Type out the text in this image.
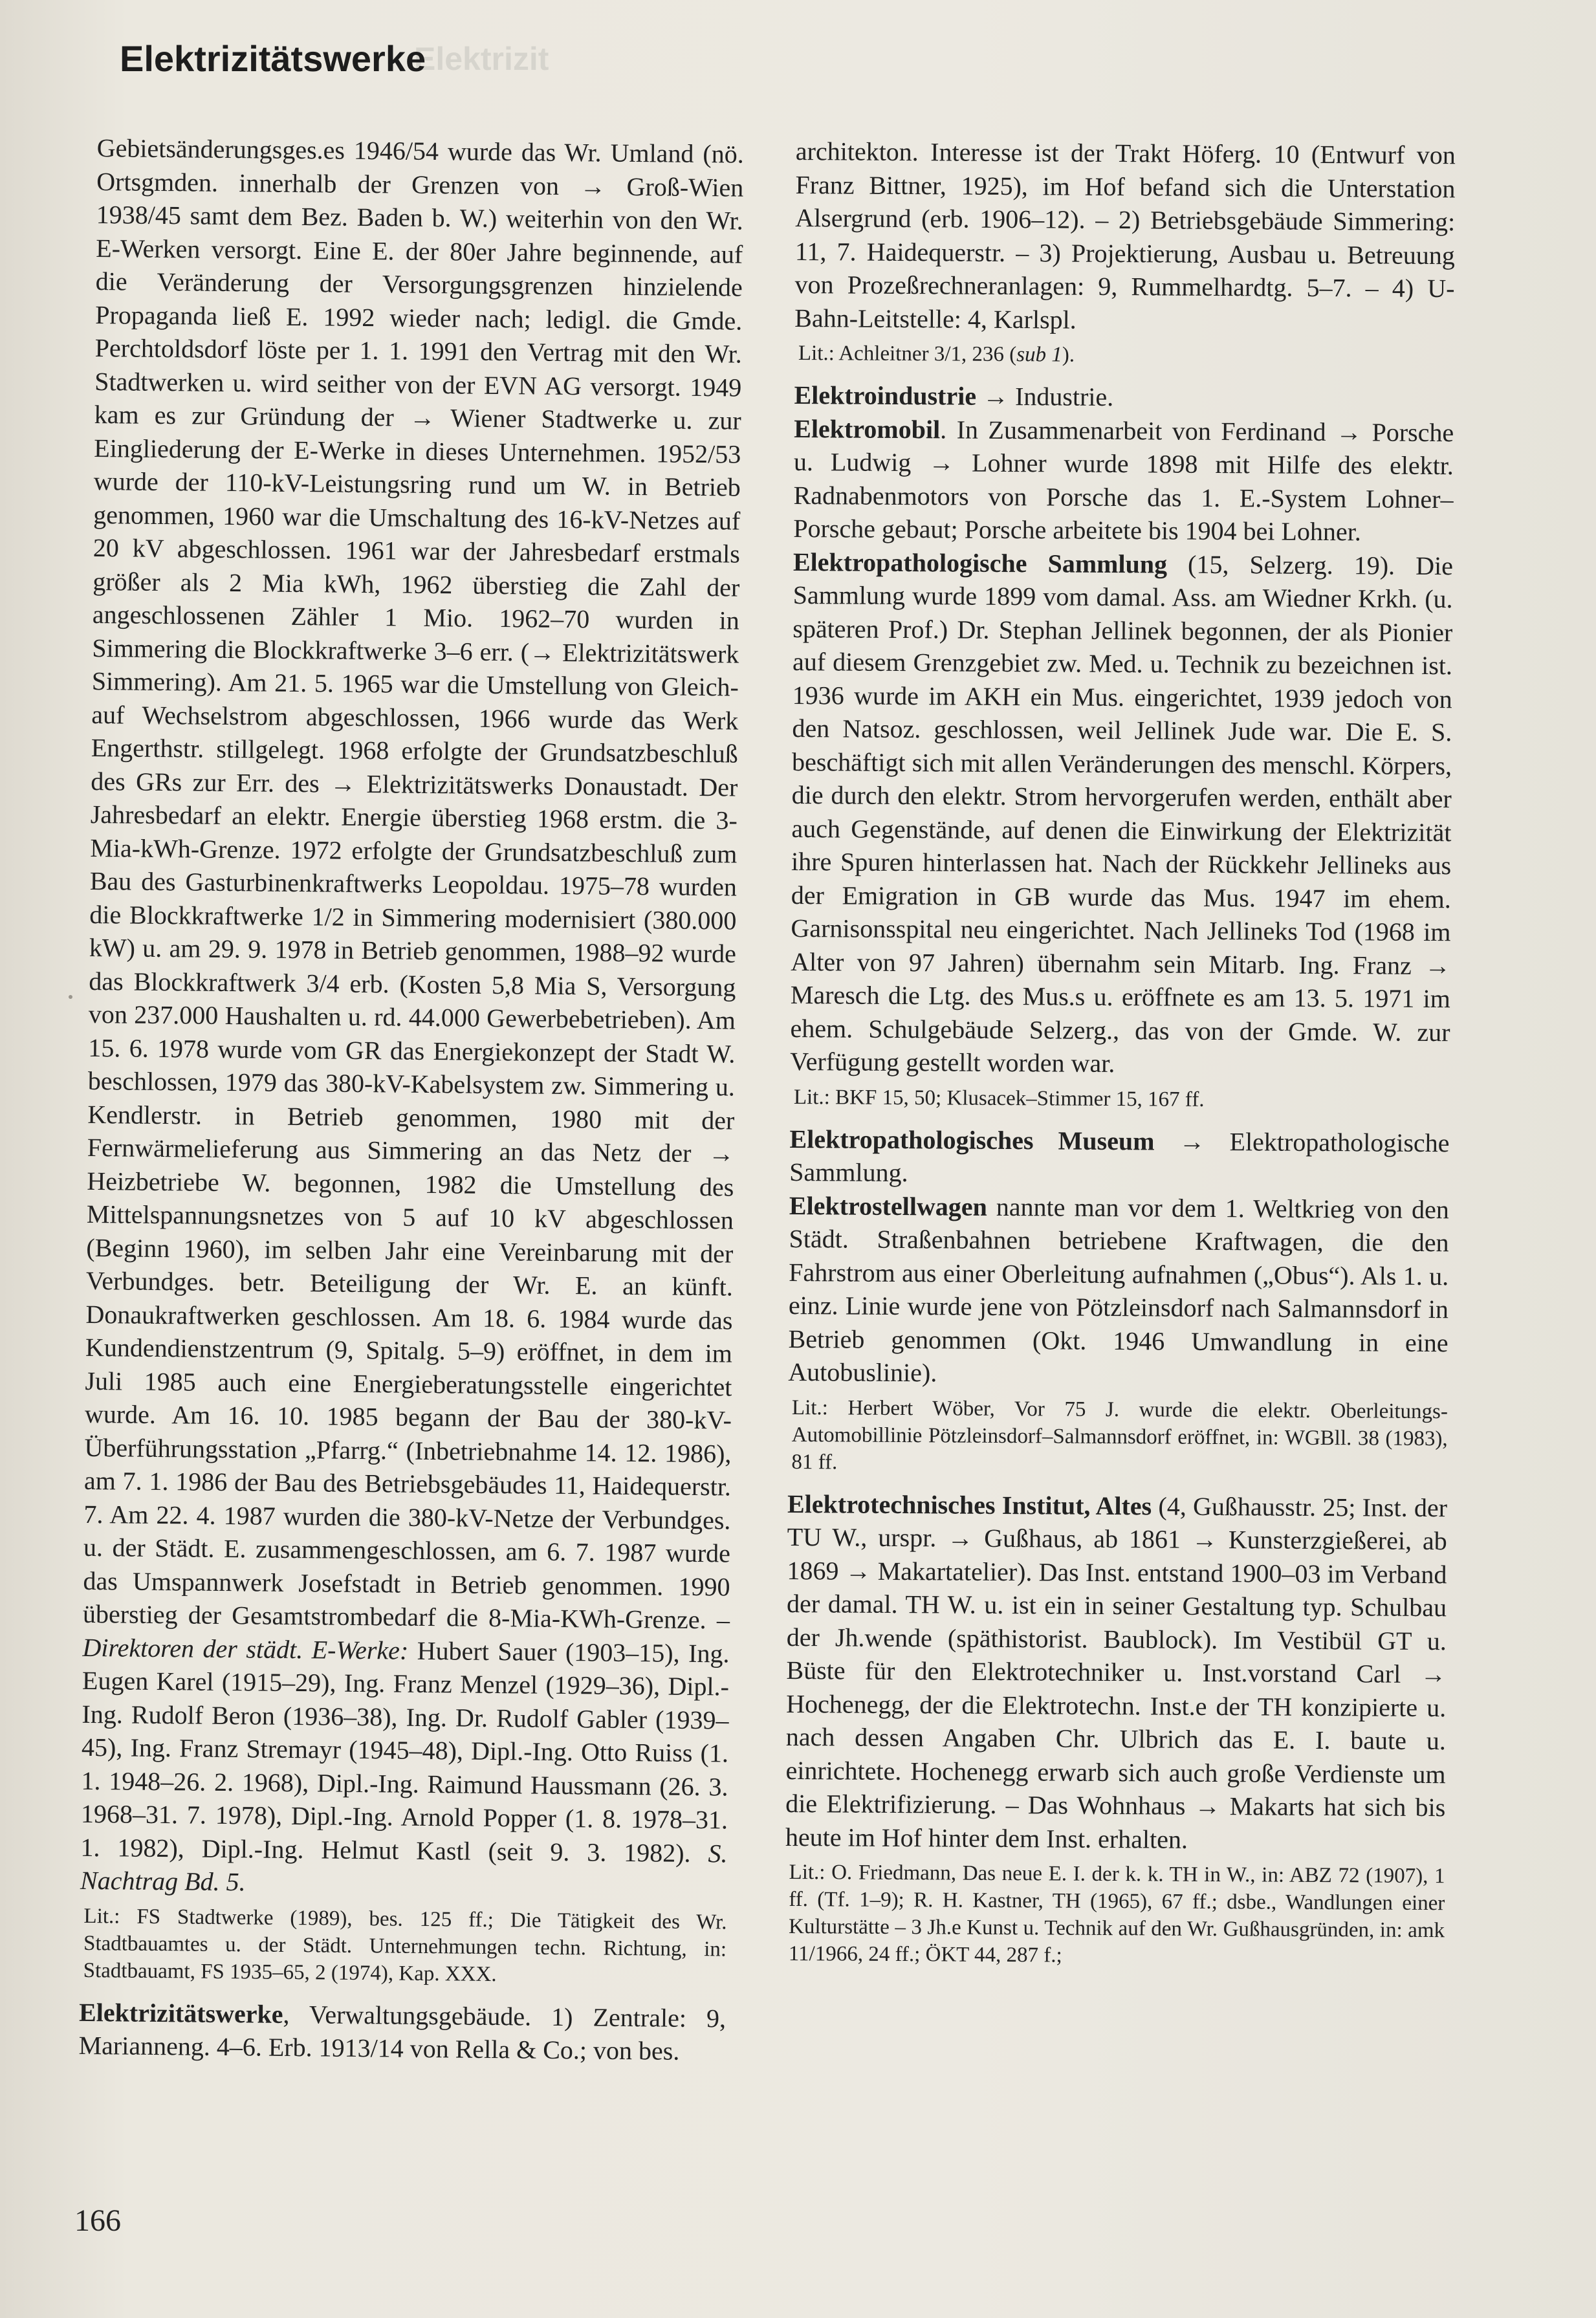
Elektrizit
Elektrizitätswerke

Gebietsänderungsges.es 1946/54 wurde das Wr. Umland (nö. Ortsgmden. innerhalb der Grenzen von → Groß-Wien 1938/45 samt dem Bez. Baden b. W.) weiterhin von den Wr. E-Werken versorgt. Eine E. der 80er Jahre beginnende, auf die Veränderung der Versorgungsgrenzen hinzielende Propaganda ließ E. 1992 wieder nach; ledigl. die Gmde. Perchtoldsdorf löste per 1. 1. 1991 den Vertrag mit den Wr. Stadtwerken u. wird seither von der EVN AG versorgt. 1949 kam es zur Gründung der → Wiener Stadtwerke u. zur Eingliederung der E-Werke in dieses Unternehmen. 1952/53 wurde der 110-kV-Leistungsring rund um W. in Betrieb genommen, 1960 war die Umschaltung des 16-kV-Netzes auf 20 kV abgeschlossen. 1961 war der Jahresbedarf erstmals größer als 2 Mia kWh, 1962 überstieg die Zahl der angeschlossenen Zähler 1 Mio. 1962–70 wurden in Simmering die Blockkraftwerke 3–6 err. (→ Elektrizitätswerk Simmering). Am 21. 5. 1965 war die Umstellung von Gleich- auf Wechselstrom abgeschlossen, 1966 wurde das Werk Engerthstr. stillgelegt. 1968 erfolgte der Grundsatzbeschluß des GRs zur Err. des → Elektrizitätswerks Donaustadt. Der Jahresbedarf an elektr. Energie überstieg 1968 erstm. die 3-Mia-kWh-Grenze. 1972 erfolgte der Grundsatzbeschluß zum Bau des Gasturbinenkraftwerks Leopoldau. 1975–78 wurden die Blockkraftwerke 1/2 in Simmering modernisiert (380.000 kW) u. am 29. 9. 1978 in Betrieb genommen, 1988–92 wurde das Blockkraftwerk 3/4 erb. (Kosten 5,8 Mia S, Versorgung von 237.000 Haushalten u. rd. 44.000 Gewerbebetrieben). Am 15. 6. 1978 wurde vom GR das Energiekonzept der Stadt W. beschlossen, 1979 das 380-kV-Kabelsystem zw. Simmering u. Kendlerstr. in Betrieb genommen, 1980 mit der Fernwärmelieferung aus Simmering an das Netz der → Heizbetriebe W. begonnen, 1982 die Umstellung des Mittelspannungsnetzes von 5 auf 10 kV abgeschlossen (Beginn 1960), im selben Jahr eine Vereinbarung mit der Verbundges. betr. Beteiligung der Wr. E. an künft. Donaukraftwerken geschlossen. Am 18. 6. 1984 wurde das Kundendienstzentrum (9, Spitalg. 5–9) eröffnet, in dem im Juli 1985 auch eine Energieberatungsstelle eingerichtet wurde. Am 16. 10. 1985 begann der Bau der 380-kV-Überführungsstation „Pfarrg.“ (Inbetriebnahme 14. 12. 1986), am 7. 1. 1986 der Bau des Betriebsgebäudes 11, Haidequerstr. 7. Am 22. 4. 1987 wurden die 380-kV-Netze der Verbundges. u. der Städt. E. zusammengeschlossen, am 6. 7. 1987 wurde das Umspannwerk Josefstadt in Betrieb genommen. 1990 überstieg der Gesamtstrombedarf die 8-Mia-KWh-Grenze. – Direktoren der städt. E-Werke: Hubert Sauer (1903–15), Ing. Eugen Karel (1915–29), Ing. Franz Menzel (1929–36), Dipl.-Ing. Rudolf Beron (1936–38), Ing. Dr. Rudolf Gabler (1939–45), Ing. Franz Stremayr (1945–48), Dipl.-Ing. Otto Ruiss (1. 1. 1948–26. 2. 1968), Dipl.-Ing. Raimund Haussmann (26. 3. 1968–31. 7. 1978), Dipl.-Ing. Arnold Popper (1. 8. 1978–31. 1. 1982), Dipl.-Ing. Helmut Kastl (seit 9. 3. 1982). S. Nachtrag Bd. 5.

Lit.: FS Stadtwerke (1989), bes. 125 ff.; Die Tätigkeit des Wr. Stadtbauamtes u. der Städt. Unternehmungen techn. Richtung, in: Stadtbauamt, FS 1935–65, 2 (1974), Kap. XXX.

Elektrizitätswerke, Verwaltungsgebäude. 1) Zentrale: 9, Marianneng. 4–6. Erb. 1913/14 von Rella & Co.; von bes.

architekton. Interesse ist der Trakt Höferg. 10 (Entwurf von Franz Bittner, 1925), im Hof befand sich die Unterstation Alsergrund (erb. 1906–12). – 2) Betriebsgebäude Simmering: 11, 7. Haidequerstr. – 3) Projektierung, Ausbau u. Betreuung von Prozeßrechneranlagen: 9, Rummelhardtg. 5–7. – 4) U-Bahn-Leitstelle: 4, Karlspl.

Lit.: Achleitner 3/1, 236 (sub 1).

Elektroindustrie → Industrie.

Elektromobil. In Zusammenarbeit von Ferdinand → Porsche u. Ludwig → Lohner wurde 1898 mit Hilfe des elektr. Radnabenmotors von Porsche das 1. E.-System Lohner–Porsche gebaut; Porsche arbeitete bis 1904 bei Lohner.

Elektropathologische Sammlung (15, Selzerg. 19). Die Sammlung wurde 1899 vom damal. Ass. am Wiedner Krkh. (u. späteren Prof.) Dr. Stephan Jellinek begonnen, der als Pionier auf diesem Grenzgebiet zw. Med. u. Technik zu bezeichnen ist. 1936 wurde im AKH ein Mus. eingerichtet, 1939 jedoch von den Natsoz. geschlossen, weil Jellinek Jude war. Die E. S. beschäftigt sich mit allen Veränderungen des menschl. Körpers, die durch den elektr. Strom hervorgerufen werden, enthält aber auch Gegenstände, auf denen die Einwirkung der Elektrizität ihre Spuren hinterlassen hat. Nach der Rückkehr Jellineks aus der Emigration in GB wurde das Mus. 1947 im ehem. Garnisonsspital neu eingerichtet. Nach Jellineks Tod (1968 im Alter von 97 Jahren) übernahm sein Mitarb. Ing. Franz → Maresch die Ltg. des Mus.s u. eröffnete es am 13. 5. 1971 im ehem. Schulgebäude Selzerg., das von der Gmde. W. zur Verfügung gestellt worden war.

Lit.: BKF 15, 50; Klusacek–Stimmer 15, 167 ff.

Elektropathologisches Museum → Elektropathologische Sammlung.

Elektrostellwagen nannte man vor dem 1. Weltkrieg von den Städt. Straßenbahnen betriebene Kraftwagen, die den Fahrstrom aus einer Oberleitung aufnahmen („Obus“). Als 1. u. einz. Linie wurde jene von Pötzleinsdorf nach Salmannsdorf in Betrieb genommen (Okt. 1946 Umwandlung in eine Autobuslinie).

Lit.: Herbert Wöber, Vor 75 J. wurde die elektr. Oberleitungs-Automobillinie Pötzleinsdorf–Salmannsdorf eröffnet, in: WGBll. 38 (1983), 81 ff.

Elektrotechnisches Institut, Altes (4, Gußhausstr. 25; Inst. der TU W., urspr. → Gußhaus, ab 1861 → Kunsterzgießerei, ab 1869 → Makartatelier). Das Inst. entstand 1900–03 im Verband der damal. TH W. u. ist ein in seiner Gestaltung typ. Schulbau der Jh.wende (späthistorist. Baublock). Im Vestibül GT u. Büste für den Elektrotechniker u. Inst.vorstand Carl → Hochenegg, der die Elektrotechn. Inst.e der TH konzipierte u. nach dessen Angaben Chr. Ulbrich das E. I. baute u. einrichtete. Hochenegg erwarb sich auch große Verdienste um die Elektrifizierung. – Das Wohnhaus → Makarts hat sich bis heute im Hof hinter dem Inst. erhalten.

Lit.: O. Friedmann, Das neue E. I. der k. k. TH in W., in: ABZ 72 (1907), 1 ff. (Tf. 1–9); R. H. Kastner, TH (1965), 67 ff.; dsbe., Wandlungen einer Kulturstätte – 3 Jh.e Kunst u. Technik auf den Wr. Gußhausgründen, in: amk 11/1966, 24 ff.; ÖKT 44, 287 f.;

166
